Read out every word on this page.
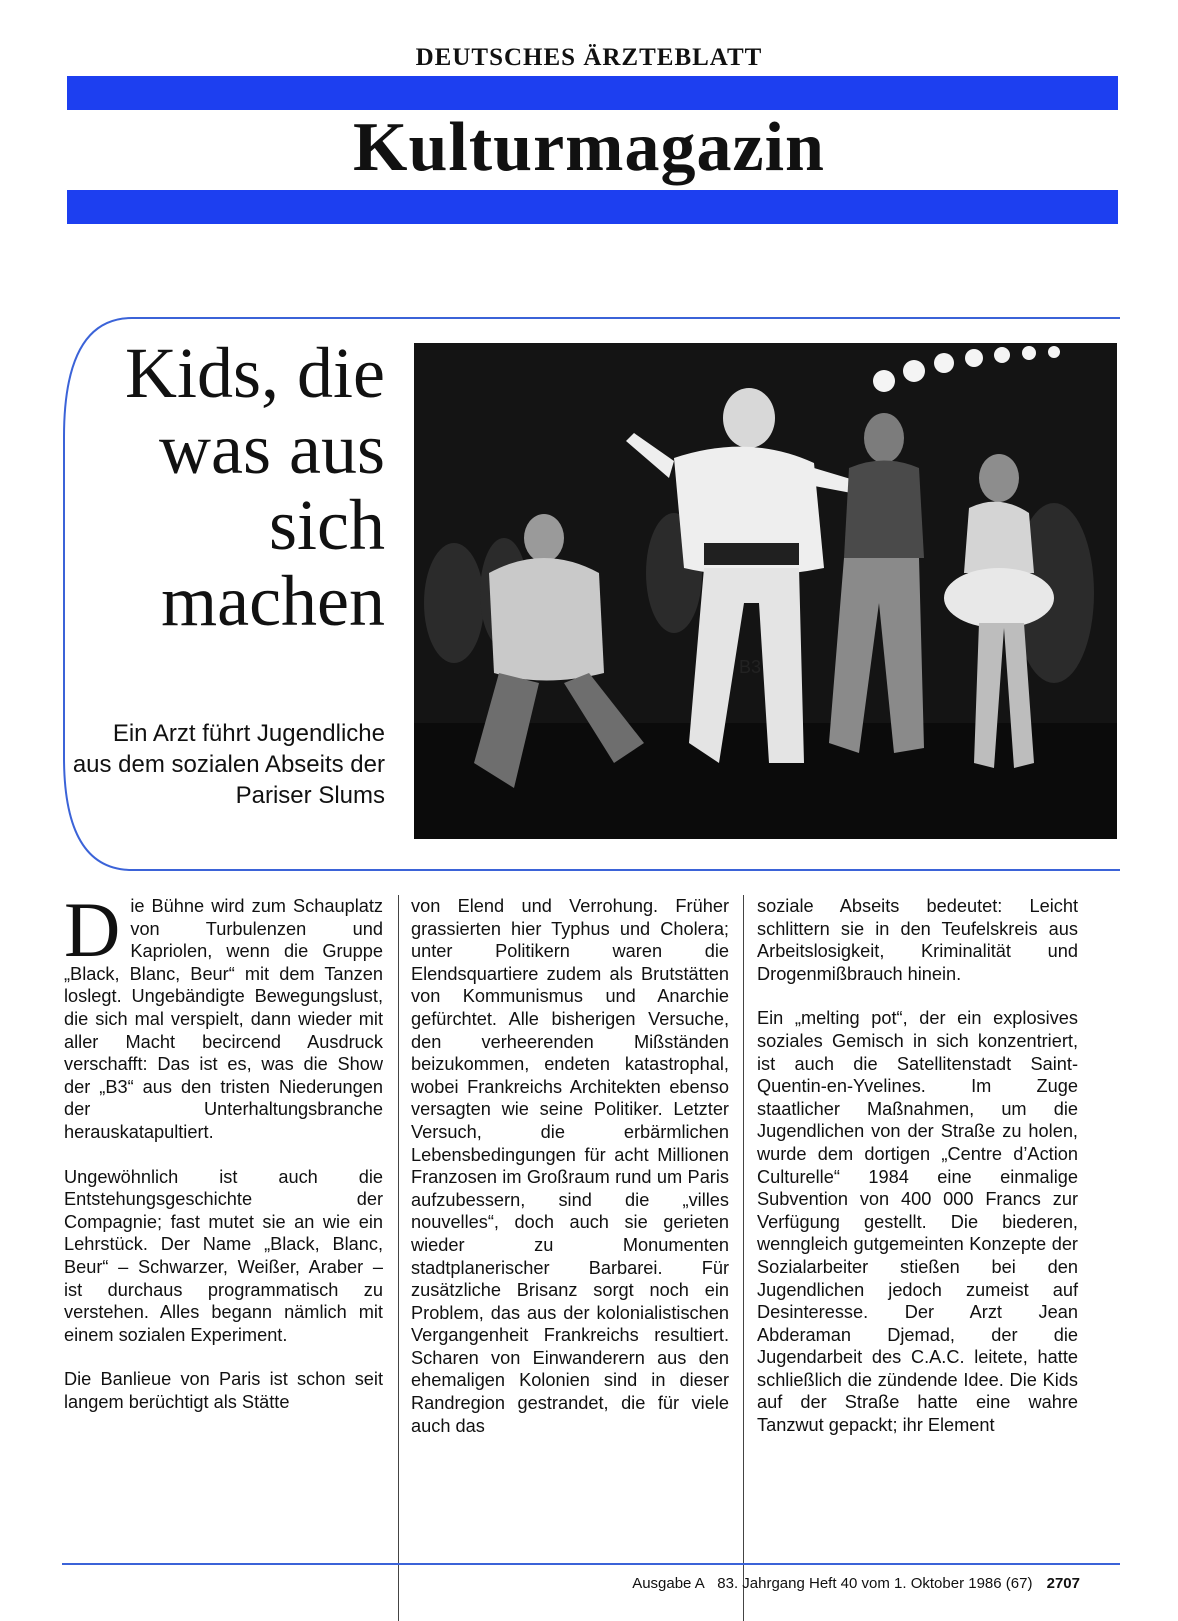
DEUTSCHES ÄRZTEBLATT
Kulturmagazin
Kids, die was aus sich machen
Ein Arzt führt Jugendliche aus dem sozialen Abseits der Pariser Slums
B3

Die Bühne wird zum Schauplatz von Turbulenzen und Kapriolen, wenn die Gruppe „Black, Blanc, Beur“ mit dem Tanzen loslegt. Ungebändigte Bewegungslust, die sich mal verspielt, dann wieder mit aller Macht becircend Ausdruck verschafft: Das ist es, was die Show der „B3“ aus den tristen Niederungen der Unterhaltungsbranche herauskatapultiert.

Ungewöhnlich ist auch die Entstehungsgeschichte der Compagnie; fast mutet sie an wie ein Lehrstück. Der Name „Black, Blanc, Beur“ – Schwarzer, Weißer, Araber – ist durchaus programmatisch zu verstehen. Alles begann nämlich mit einem sozialen Experiment.

Die Banlieue von Paris ist schon seit langem berüchtigt als Stätte

von Elend und Verrohung. Früher grassierten hier Typhus und Cholera; unter Politikern waren die Elendsquartiere zudem als Brutstätten von Kommunismus und Anarchie gefürchtet. Alle bisherigen Versuche, den verheerenden Mißständen beizukommen, endeten katastrophal, wobei Frankreichs Architekten ebenso versagten wie seine Politiker. Letzter Versuch, die erbärmlichen Lebensbedingungen für acht Millionen Franzosen im Großraum rund um Paris aufzubessern, sind die „villes nouvelles“, doch auch sie gerieten wieder zu Monumenten stadtplanerischer Barbarei. Für zusätzliche Brisanz sorgt noch ein Problem, das aus der kolonialistischen Vergangenheit Frankreichs resultiert. Scharen von Einwanderern aus den ehemaligen Kolonien sind in dieser Randregion gestrandet, die für viele auch das

soziale Abseits bedeutet: Leicht schlittern sie in den Teufelskreis aus Arbeitslosigkeit, Kriminalität und Drogenmißbrauch hinein.

Ein „melting pot“, der ein explosives soziales Gemisch in sich konzentriert, ist auch die Satellitenstadt Saint-Quentin-en-Yvelines. Im Zuge staatlicher Maßnahmen, um die Jugendlichen von der Straße zu holen, wurde dem dortigen „Centre d’Action Culturelle“ 1984 eine einmalige Subvention von 400 000 Francs zur Verfügung gestellt. Die biederen, wenngleich gutgemeinten Konzepte der Sozialarbeiter stießen bei den Jugendlichen jedoch zumeist auf Desinteresse. Der Arzt Jean Abderaman Djemad, der die Jugendarbeit des C.A.C. leitete, hatte schließlich die zündende Idee. Die Kids auf der Straße hatte eine wahre Tanzwut gepackt; ihr Element

Ausgabe A 83. Jahrgang Heft 40 vom 1. Oktober 1986 (67) 2707
